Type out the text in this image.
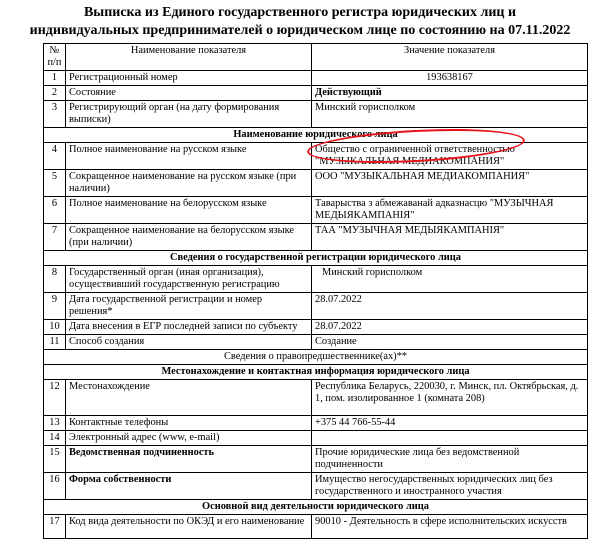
Выписка из Единого государственного регистра юридических лиц и
индивидуальных предпринимателей о юридическом лице по состоянию на 07.11.2022
№ п/п	Наименование показателя	Значение показателя
1	Регистрационный номер	193638167
2	Состояние	Действующий
3	Регистрирующий орган (на дату формирования выписки)	Минский горисполком
Наименование юридического лица		
4	Полное наименование на русском языке	Общество с ограниченной ответственностью "МУЗЫКАЛЬНАЯ МЕДИАКОМПАНИЯ"
5	Сокращенное наименование на русском языке (при наличии)	ООО "МУЗЫКАЛЬНАЯ МЕДИАКОМПАНИЯ"
6	Полное наименование на белорусском языке	Таварыства з абмежаванай адказнасцю "МУЗЫЧНАЯ МЕДЫЯКАМПАНІЯ"
7	Сокращенное наименование на белорусском языке (при наличии)	ТАА "МУЗЫЧНАЯ МЕДЫЯКАМПАНІЯ"
Сведения о государственной регистрации юридического лица		
8	Государственный орган (иная организация), осуществивший государственную регистрацию	Минский горисполком
9	Дата государственной регистрации и номер решения*	28.07.2022
10	Дата внесения в ЕГР последней записи по субъекту	28.07.2022
11	Способ создания	Создание
Сведения о правопредшественнике(ах)**		
Местонахождение и контактная информация юридического лица		
12	Местонахождение	Республика Беларусь, 220030, г. Минск, пл. Октябрьская, д. 1, пом. изолированное 1 (комната 208)
13	Контактные телефоны	+375 44 766-55-44
14	Электронный адрес (www, e-mail)	
15	Ведомственная подчиненность	Прочие юридические лица без ведомственной подчиненности
16	Форма собственности	Имущество негосударственных юридических лиц без государственного и иностранного участия
Основной вид деятельности юридического лица		
17	Код вида деятельности по ОКЭД и его наименование	90010 - Деятельность в сфере исполнительских искусств
